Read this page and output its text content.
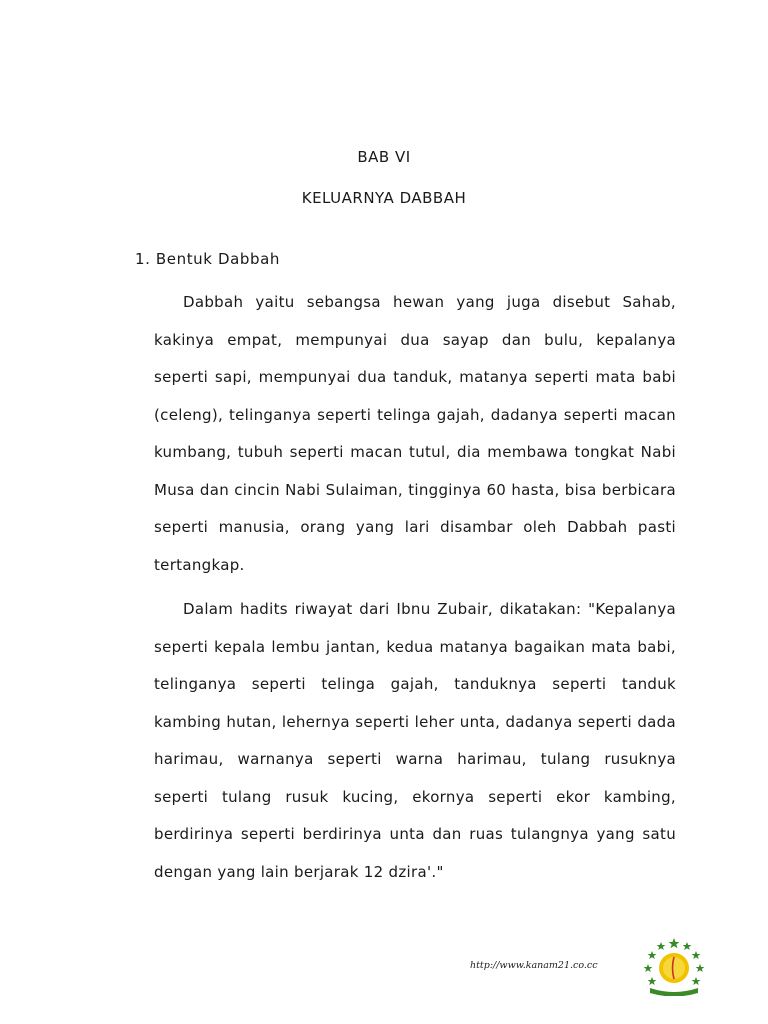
BAB VI
KELUARNYA DABBAH
1. Bentuk Dabbah

Dabbah yaitu sebangsa hewan yang juga disebut Sahab, kakinya empat, mempunyai dua sayap dan bulu, kepalanya seperti sapi, mempunyai dua tanduk, matanya seperti mata babi (celeng), telinganya seperti telinga gajah, dadanya seperti macan kumbang, tubuh seperti macan tutul, dia membawa tongkat Nabi Musa dan cincin Nabi Sulaiman, tingginya 60 hasta, bisa berbicara seperti manusia, orang yang lari disambar oleh Dabbah pasti tertangkap.

Dalam hadits riwayat dari Ibnu Zubair, dikatakan: "Kepalanya seperti kepala lembu jantan, kedua matanya bagaikan mata babi, telinganya seperti telinga gajah, tanduknya seperti tanduk kambing hutan, lehernya seperti leher unta, dadanya seperti dada harimau, warnanya seperti warna harimau, tulang rusuknya seperti tulang rusuk kucing, ekornya seperti ekor kambing, berdirinya seperti berdirinya unta dan ruas tulangnya yang satu dengan yang lain berjarak 12 dzira'."

http://www.kanam21.co.cc
